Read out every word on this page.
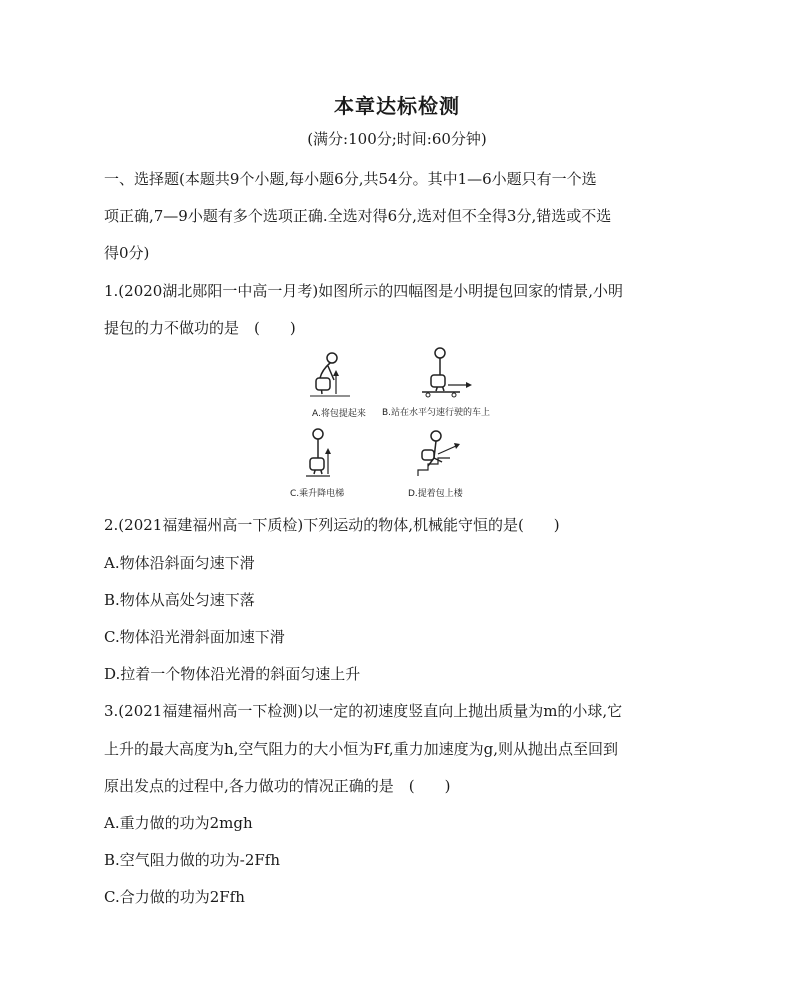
本章达标检测
(满分:100分;时间:60分钟)
一、选择题(本题共9个小题,每小题6分,共54分。其中1—6小题只有一个选
项正确,7—9小题有多个选项正确.全选对得6分,选对但不全得3分,错选或不选
得0分)
1.(2020湖北郧阳一中高一月考)如图所示的四幅图是小明提包回家的情景,小明
提包的力不做功的是　(　　)
A.将包提起来 B.站在水平匀速行驶的车上
C.乘升降电梯	D.提着包上楼
2.(2021福建福州高一下质检)下列运动的物体,机械能守恒的是(　　)
A.物体沿斜面匀速下滑
B.物体从高处匀速下落
C.物体沿光滑斜面加速下滑
D.拉着一个物体沿光滑的斜面匀速上升
3.(2021福建福州高一下检测)以一定的初速度竖直向上抛出质量为m的小球,它
上升的最大高度为h,空气阻力的大小恒为Ff,重力加速度为g,则从抛出点至回到
原出发点的过程中,各力做功的情况正确的是　(　　)
A.重力做的功为2mgh
B.空气阻力做的功为-2Ffh
C.合力做的功为2Ffh
